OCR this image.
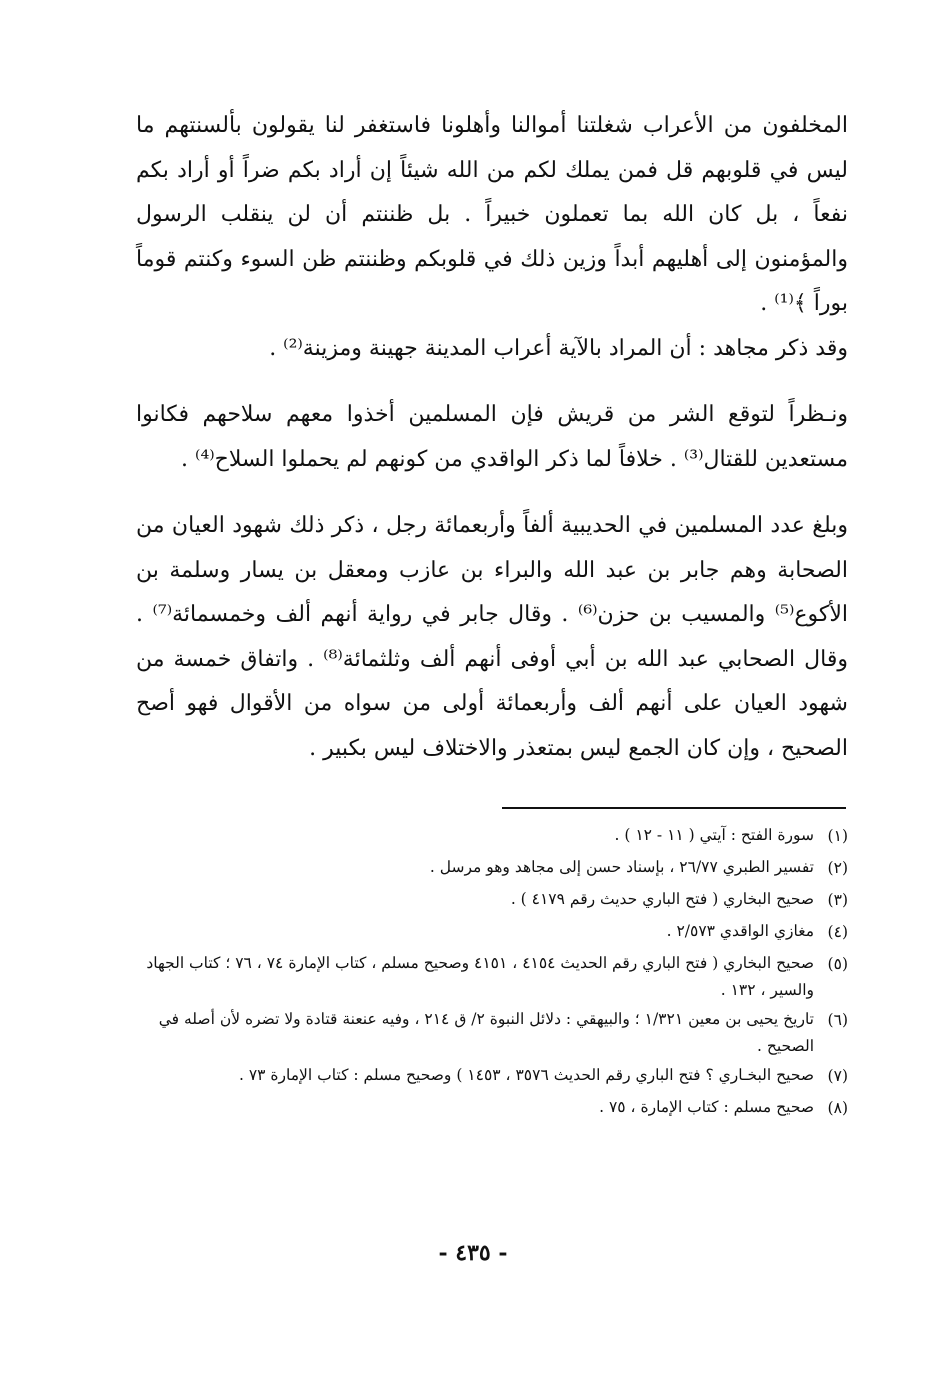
المخلفون من الأعراب شغلتنا أموالنا وأهلونا فاستغفر لنا يقولون بألسنتهم ما ليس في قلوبهم قل فمن يملك لكم من الله شيئاً إن أراد بكم ضراً أو أراد بكم نفعاً ، بل كان الله بما تعملون خبيراً . بل ظننتم أن لن ينقلب الرسول والمؤمنون إلى أهليهم أبداً وزين ذلك في قلوبكم وظننتم ظن السوء وكنتم قوماً بوراً ﴾⁽¹⁾ .

وقد ذكر مجاهد : أن المراد بالآية أعراب المدينة جهينة ومزينة⁽²⁾ .

ونـظراً لتوقع الشر من قريش فإن المسلمين أخذوا معهم سلاحهم فكانوا مستعدين للقتال⁽³⁾ . خلافاً لما ذكر الواقدي من كونهم لم يحملوا السلاح⁽⁴⁾ .

وبلغ عدد المسلمين في الحديبية ألفاً وأربعمائة رجل ، ذكر ذلك شهود العيان من الصحابة وهم جابر بن عبد الله والبراء بن عازب ومعقل بن يسار وسلمة بن الأكوع⁽⁵⁾ والمسيب بن حزن⁽⁶⁾ . وقال جابر في رواية أنهم ألف وخمسمائة⁽⁷⁾ . وقال الصحابي عبد الله بن أبي أوفى أنهم ألف وثلثمائة⁽⁸⁾ . واتفاق خمسة من شهود العيان على أنهم ألف وأربعمائة أولى من سواه من الأقوال فهو أصح الصحيح ، وإن كان الجمع ليس بمتعذر والاختلاف ليس بكبير .

(١)
سورة الفتح : آيتي ( ١١ - ١٢ ) .
(٢)
تفسير الطبري ٢٦/٧٧ ، بإسناد حسن إلى مجاهد وهو مرسل .
(٣)
صحيح البخاري ( فتح الباري حديث رقم ٤١٧٩ ) .
(٤)
مغازي الواقدي ٢/٥٧٣ .
(٥)
صحيح البخاري ( فتح الباري رقم الحديث ٤١٥٤ ، ٤١٥١ وصحيح مسلم ، كتاب الإمارة ٧٤ ، ٧٦ ؛ كتاب الجهاد والسير ، ١٣٢ .
(٦)
تاريخ يحيى بن معين ١/٣٢١ ؛ والبيهقي : دلائل النبوة ٢/ ق ٢١٤ ، وفيه عنعنة قتادة ولا تضره لأن أصله في الصحيح .
(٧)
صحيح البخـاري ؟ فتح الباري رقم الحديث ٣٥٧٦ ، ١٤٥٣ ) وصحيح مسلم : كتاب الإمارة ٧٣ .
(٨)
صحيح مسلم : كتاب الإمارة ، ٧٥ .
- ٤٣٥ -
